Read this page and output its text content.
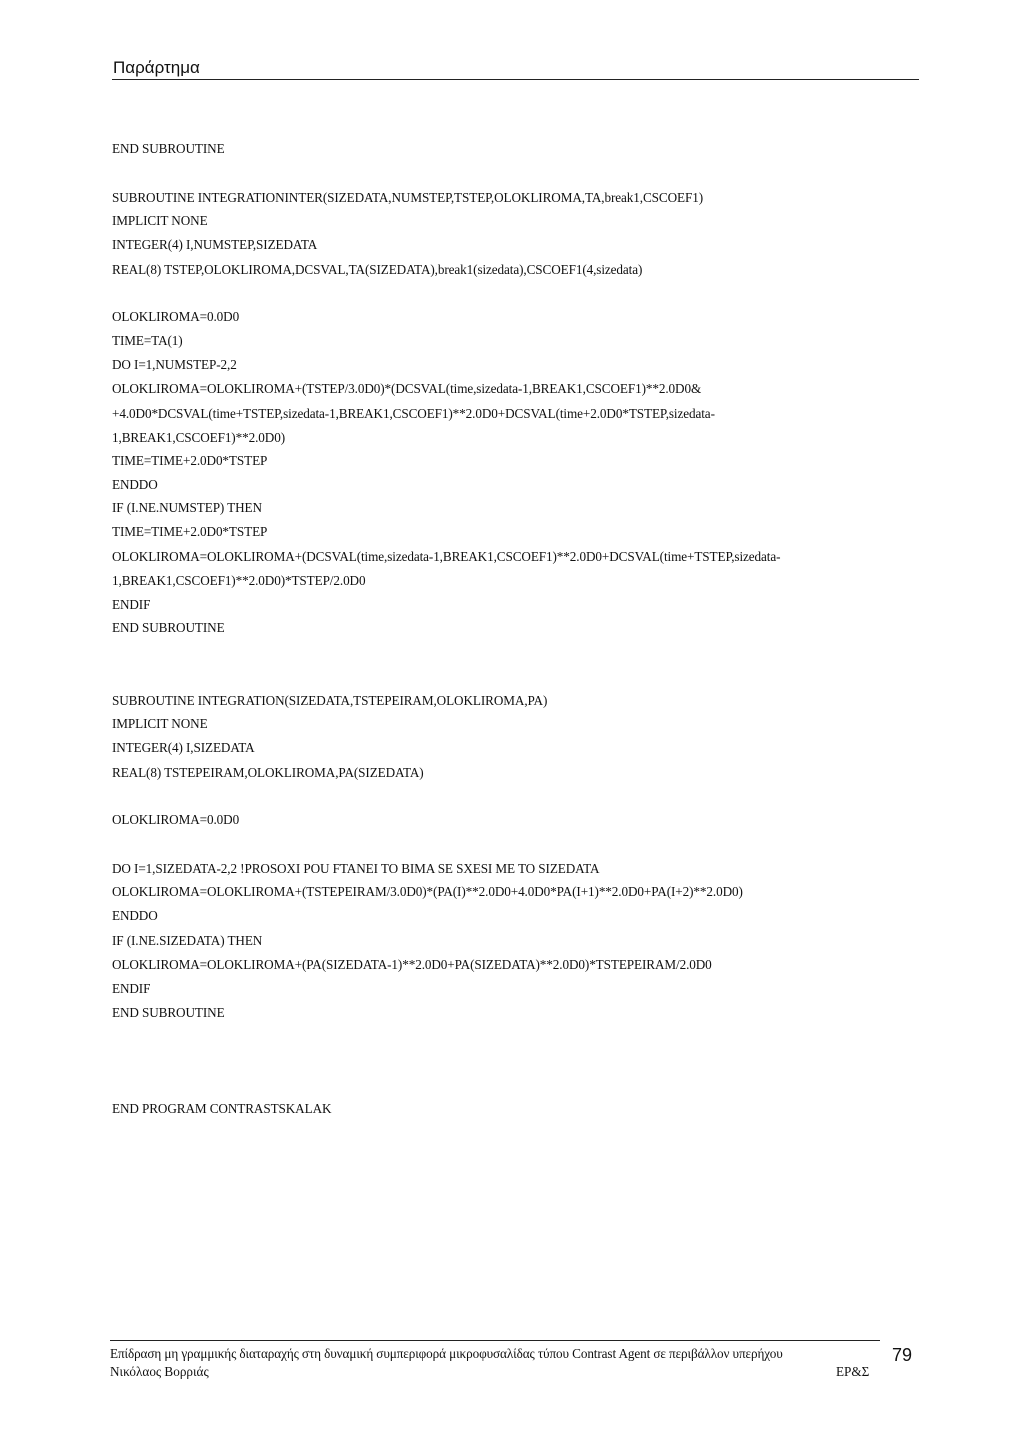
Παράρτημα
END SUBROUTINE
SUBROUTINE INTEGRATIONINTER(SIZEDATA,NUMSTEP,TSTEP,OLOKLIROMA,TA,break1,CSCOEF1)
IMPLICIT NONE
INTEGER(4) I,NUMSTEP,SIZEDATA
REAL(8) TSTEP,OLOKLIROMA,DCSVAL,TA(SIZEDATA),break1(sizedata),CSCOEF1(4,sizedata)
OLOKLIROMA=0.0D0
TIME=TA(1)
DO I=1,NUMSTEP-2,2
OLOKLIROMA=OLOKLIROMA+(TSTEP/3.0D0)*(DCSVAL(time,sizedata-1,BREAK1,CSCOEF1)**2.0D0&
+4.0D0*DCSVAL(time+TSTEP,sizedata-1,BREAK1,CSCOEF1)**2.0D0+DCSVAL(time+2.0D0*TSTEP,sizedata-
1,BREAK1,CSCOEF1)**2.0D0)
TIME=TIME+2.0D0*TSTEP
ENDDO
IF (I.NE.NUMSTEP) THEN
TIME=TIME+2.0D0*TSTEP
OLOKLIROMA=OLOKLIROMA+(DCSVAL(time,sizedata-1,BREAK1,CSCOEF1)**2.0D0+DCSVAL(time+TSTEP,sizedata-
1,BREAK1,CSCOEF1)**2.0D0)*TSTEP/2.0D0
ENDIF
END SUBROUTINE
SUBROUTINE INTEGRATION(SIZEDATA,TSTEPEIRAM,OLOKLIROMA,PA)
IMPLICIT NONE
INTEGER(4) I,SIZEDATA
REAL(8) TSTEPEIRAM,OLOKLIROMA,PA(SIZEDATA)
OLOKLIROMA=0.0D0
DO I=1,SIZEDATA-2,2 !PROSOXI POU FTANEI TO BIMA SE SXESI ME TO SIZEDATA
OLOKLIROMA=OLOKLIROMA+(TSTEPEIRAM/3.0D0)*(PA(I)**2.0D0+4.0D0*PA(I+1)**2.0D0+PA(I+2)**2.0D0)
ENDDO
IF (I.NE.SIZEDATA) THEN
OLOKLIROMA=OLOKLIROMA+(PA(SIZEDATA-1)**2.0D0+PA(SIZEDATA)**2.0D0)*TSTEPEIRAM/2.0D0
ENDIF
END SUBROUTINE
END PROGRAM CONTRASTSKALAK
Επίδραση μη γραμμικής διαταραχής στη δυναμική συμπεριφορά μικροφυσαλίδας τύπου Contrast Agent σε περιβάλλον υπερήχου
Νικόλαος Βορριάς	ΕΡ&Σ
79
